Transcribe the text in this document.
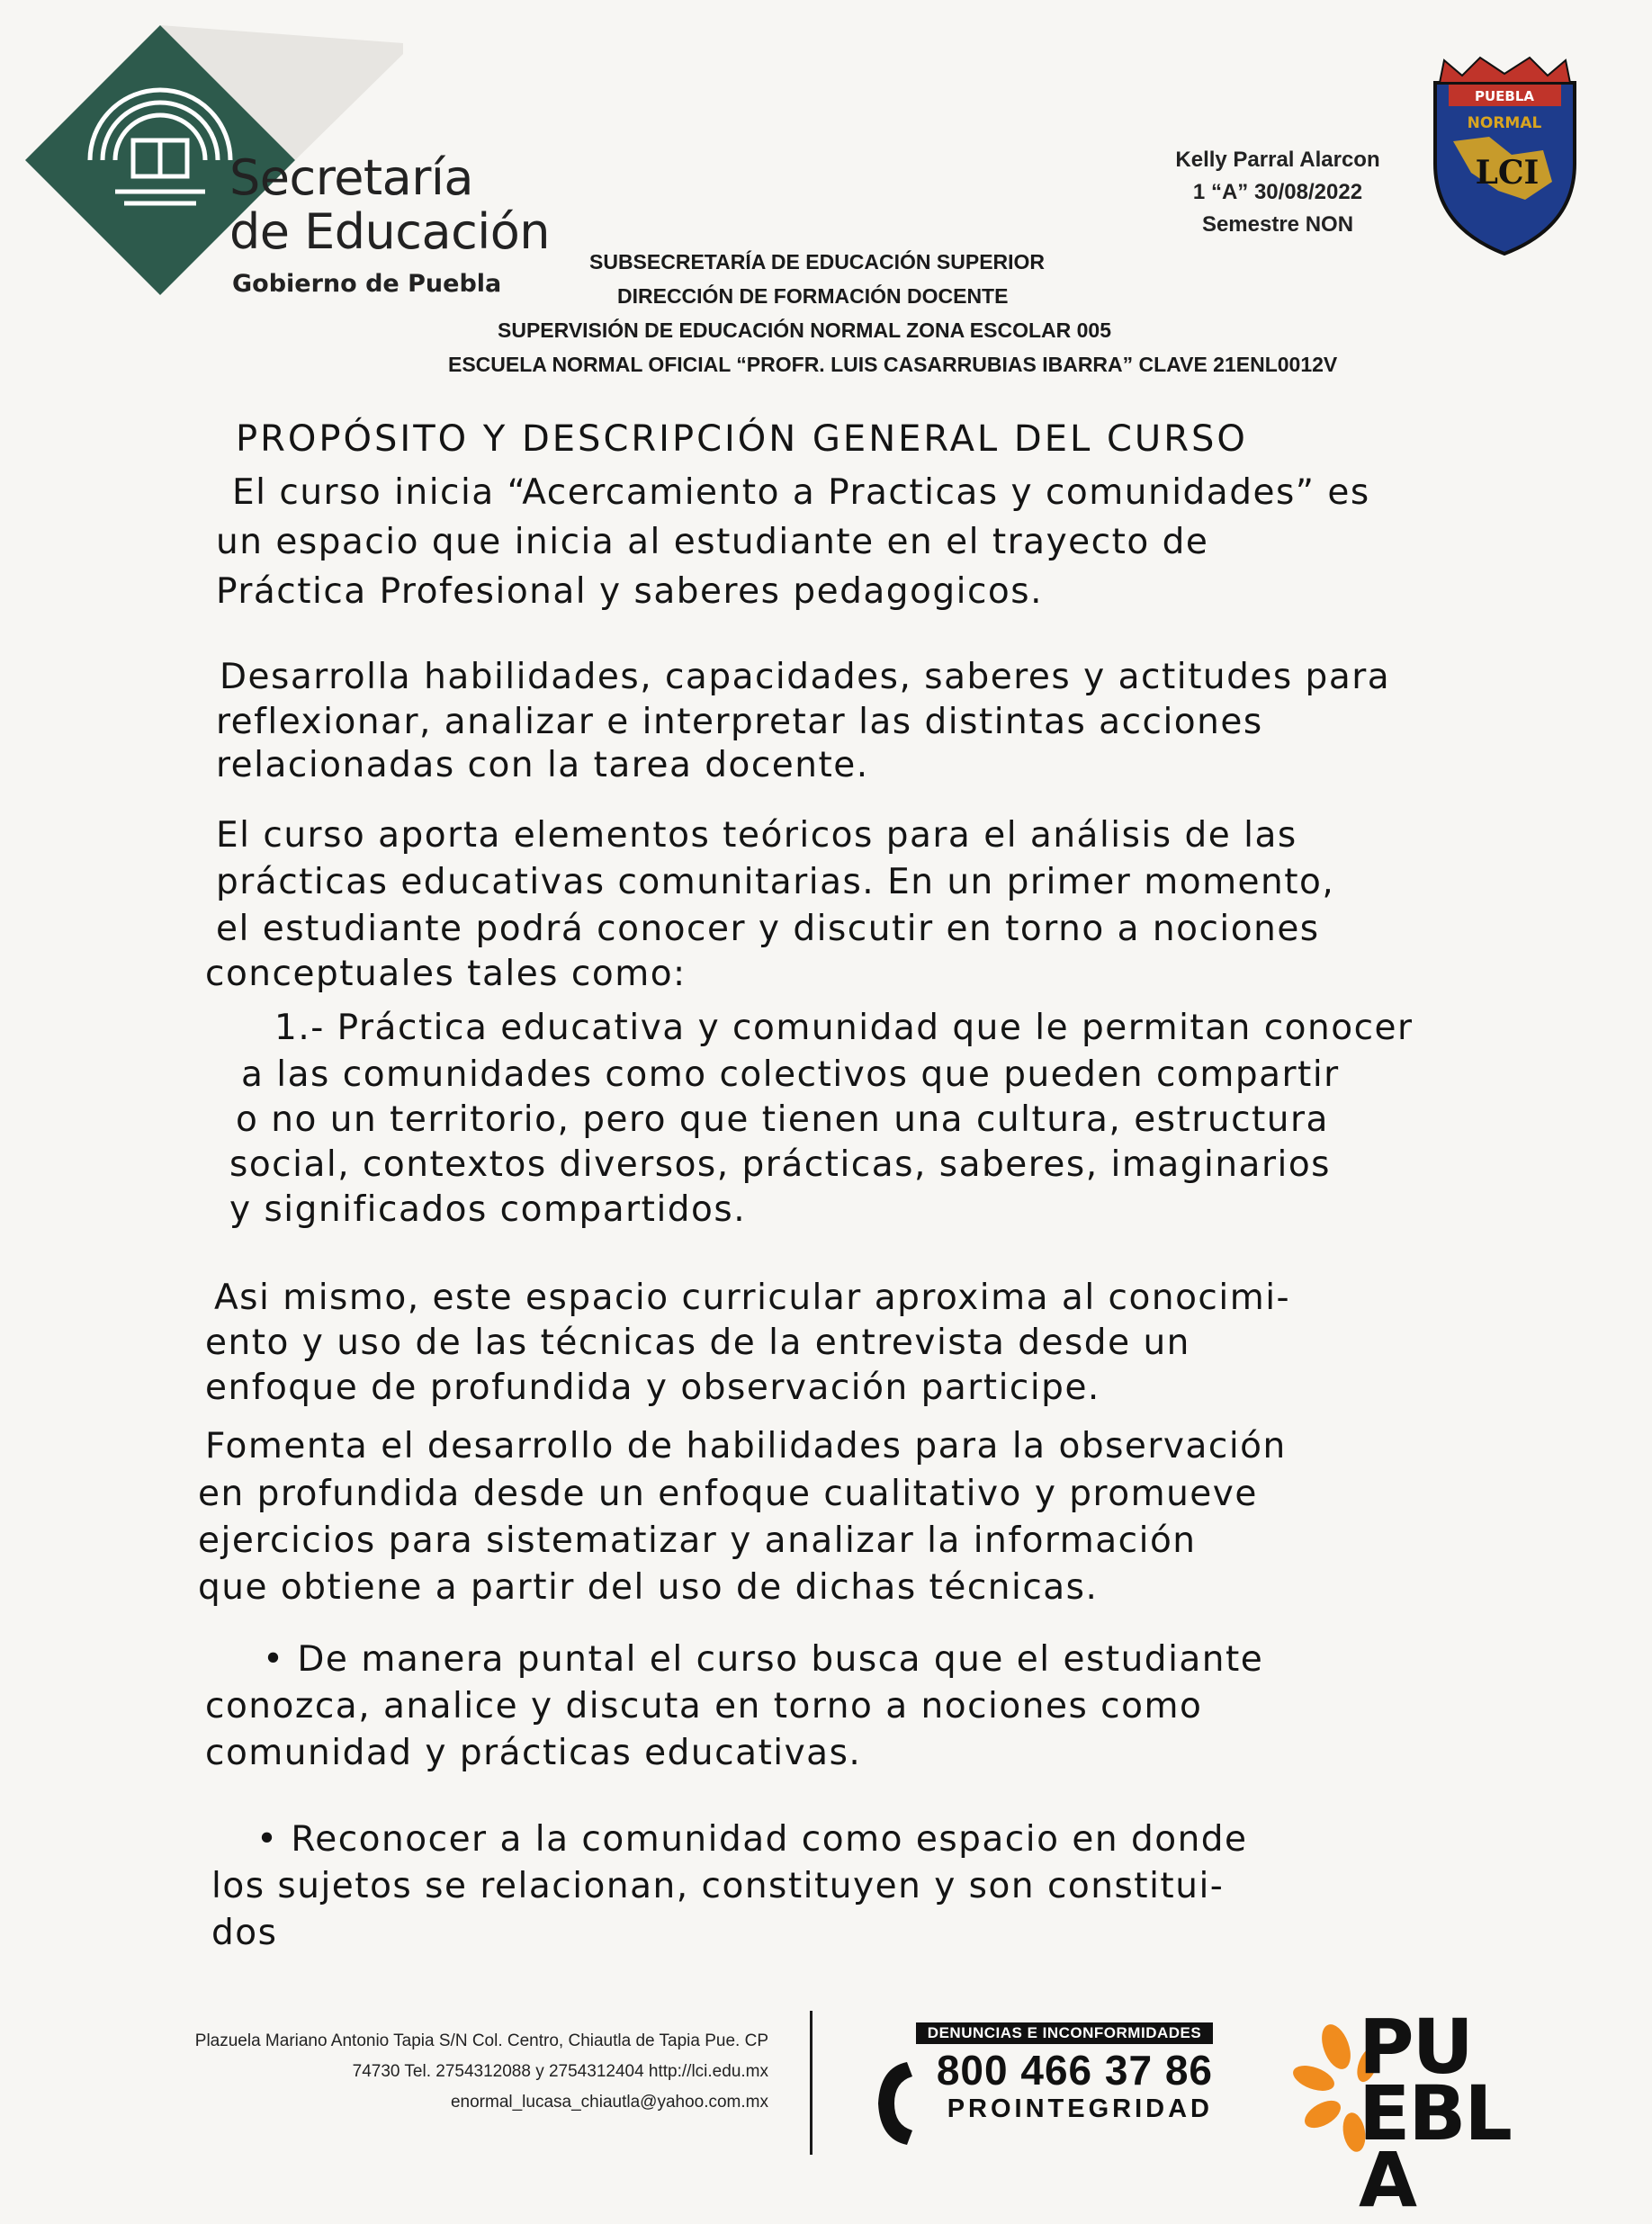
Secretaría
de Educación
Gobierno de Puebla
Kelly Parral Alarcon
1 “A” 30/08/2022
Semestre NON
PUEBLA
NORMAL
LCI
SUBSECRETARÍA DE EDUCACIÓN SUPERIOR
DIRECCIÓN DE FORMACIÓN DOCENTE
SUPERVISIÓN DE EDUCACIÓN NORMAL ZONA ESCOLAR 005
ESCUELA NORMAL OFICIAL “PROFR. LUIS CASARRUBIAS IBARRA” CLAVE 21ENL0012V
PROPÓSITO Y DESCRIPCIÓN GENERAL DEL CURSO
El curso inicia “Acercamiento a Practicas y comunidades” es
un espacio que inicia al estudiante en el trayecto de
Práctica Profesional y saberes pedagogicos.
Desarrolla habilidades, capacidades, saberes y actitudes para
reflexionar, analizar e interpretar las distintas acciones
relacionadas con la tarea docente.
El curso aporta elementos teóricos para el análisis de las
prácticas educativas comunitarias. En un primer momento,
el estudiante podrá conocer y discutir en torno a nociones
conceptuales tales como:
1.- Práctica educativa y comunidad que le permitan conocer
a las comunidades como colectivos que pueden compartir
o no un territorio, pero que tienen una cultura, estructura
social, contextos diversos, prácticas, saberes, imaginarios
y significados compartidos.
Asi mismo, este espacio curricular aproxima al conocimi-
ento y uso de las técnicas de la entrevista desde un
enfoque de profundida y observación participe.
Fomenta el desarrollo de habilidades para la observación
en profundida desde un enfoque cualitativo y promueve
ejercicios para sistematizar y analizar la información
que obtiene a partir del uso de dichas técnicas.
• De manera puntal el curso busca que el estudiante
conozca, analice y discuta en torno a nociones como
comunidad y prácticas educativas.
• Reconocer a la comunidad como espacio en donde
los sujetos se relacionan, constituyen y son constitui-
dos
Plazuela Mariano Antonio Tapia S/N Col. Centro, Chiautla de Tapia Pue. CP
74730 Tel. 2754312088 y 2754312404 http://lci.edu.mx
enormal_lucasa_chiautla@yahoo.com.mx
DENUNCIAS E INCONFORMIDADES
800 466 37 86
PROINTEGRIDAD
PUEBLA
